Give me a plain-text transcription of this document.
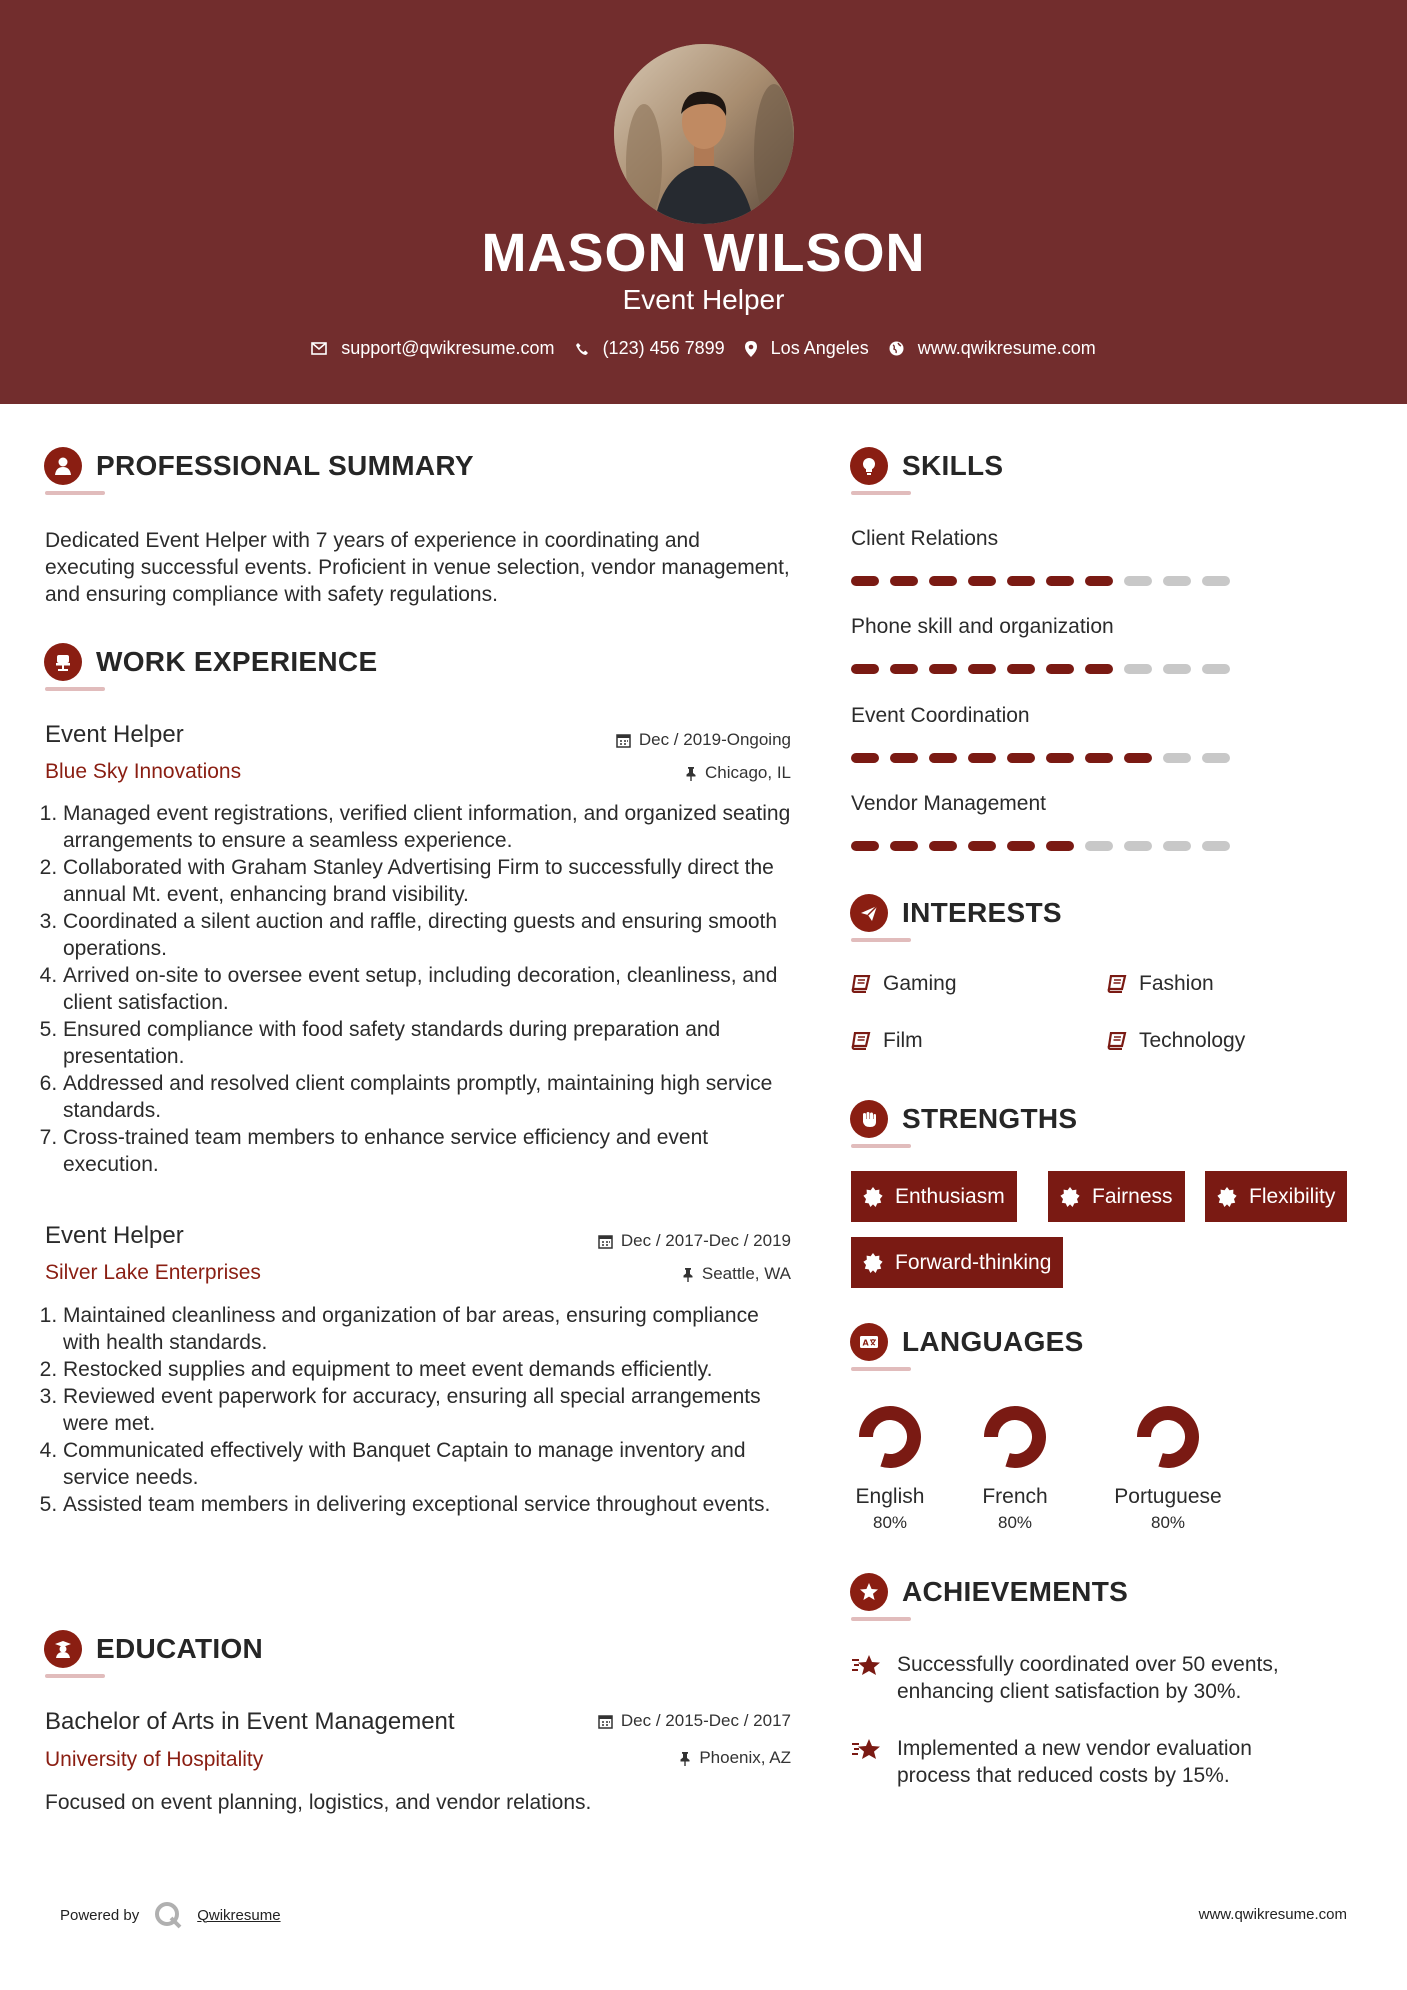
MASON WILSON
Event Helper
support@qwikresume.com	(123) 456 7899	Los Angeles	www.qwikresume.com
PROFESSIONAL SUMMARY
Dedicated Event Helper with 7 years of experience in coordinating and executing successful events. Proficient in venue selection, vendor management, and ensuring compliance with safety regulations.
WORK EXPERIENCE
Event Helper	Dec / 2019-Ongoing
Blue Sky Innovations	Chicago, IL
1. Managed event registrations, verified client information, and organized seating arrangements to ensure a seamless experience.
2. Collaborated with Graham Stanley Advertising Firm to successfully direct the annual Mt. event, enhancing brand visibility.
3. Coordinated a silent auction and raffle, directing guests and ensuring smooth operations.
4. Arrived on-site to oversee event setup, including decoration, cleanliness, and client satisfaction.
5. Ensured compliance with food safety standards during preparation and presentation.
6. Addressed and resolved client complaints promptly, maintaining high service standards.
7. Cross-trained team members to enhance service efficiency and event execution.
Event Helper	Dec / 2017-Dec / 2019
Silver Lake Enterprises	Seattle, WA
1. Maintained cleanliness and organization of bar areas, ensuring compliance with health standards.
2. Restocked supplies and equipment to meet event demands efficiently.
3. Reviewed event paperwork for accuracy, ensuring all special arrangements were met.
4. Communicated effectively with Banquet Captain to manage inventory and service needs.
5. Assisted team members in delivering exceptional service throughout events.
EDUCATION
Bachelor of Arts in Event Management	Dec / 2015-Dec / 2017
University of Hospitality	Phoenix, AZ
Focused on event planning, logistics, and vendor relations.
SKILLS
Client Relations
Phone skill and organization
Event Coordination
Vendor Management
INTERESTS
Gaming	Fashion
Film	Technology
STRENGTHS
Enthusiasm	Fairness	Flexibility
Forward-thinking
A LANGUAGES
English
80%
French
80%
Portuguese
80%
ACHIEVEMENTS
Successfully coordinated over 50 events, enhancing client satisfaction by 30%.
Implemented a new vendor evaluation process that reduced costs by 15%.
Powered by	Qwikresume	www.qwikresume.com
